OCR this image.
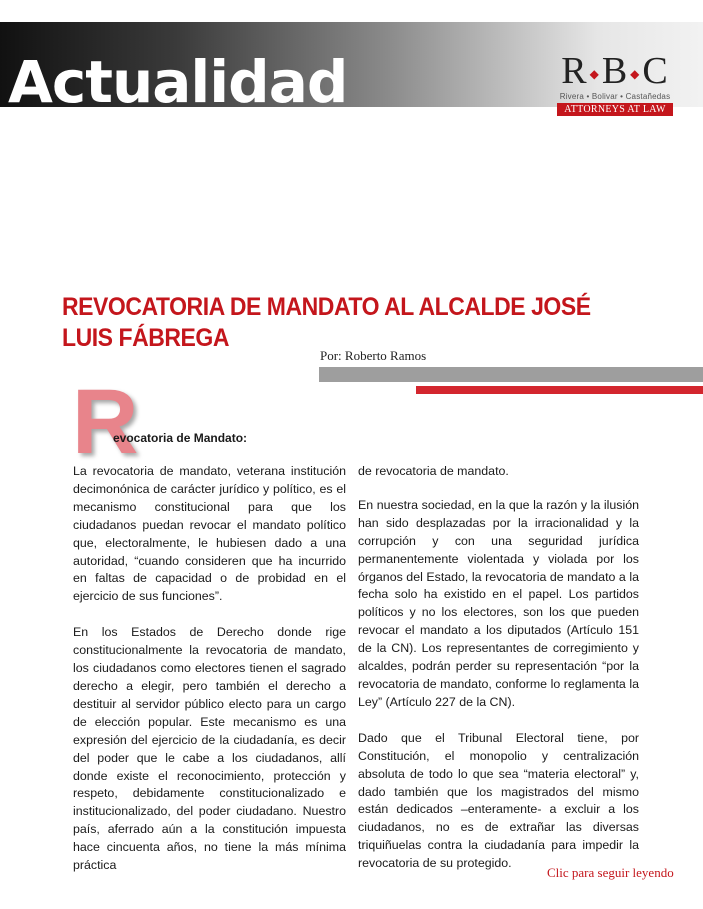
Actualidad	R ◆B ◆C
Rivera • Bolivar • Castañedas
ATTORNEYS AT LAW
REVOCATORIA DE MANDATO AL ALCALDE JOSÉ LUIS FÁBREGA
Por: Roberto Ramos
R
evocatoria de Mandato:

La revocatoria de mandato, veterana institución decimonónica de carácter jurídico y político, es el mecanismo constitucional para que los ciudadanos puedan revocar el mandato político que, electoralmente, le hubiesen dado a una autoridad, “cuando consideren que ha incurrido en faltas de capacidad o de probidad en el ejercicio de sus funciones”.

En los Estados de Derecho donde rige constitucionalmente la revocatoria de mandato, los ciudadanos como electores tienen el sagrado derecho a elegir, pero también el derecho a destituir al servidor público electo para un cargo de elección popular. Este mecanismo es una expresión del ejercicio de la ciudadanía, es decir del poder que le cabe a los ciudadanos, allí donde existe el reconocimiento, protección y respeto, debidamente constitucionalizado e institucionalizado, del poder ciudadano. Nuestro país, aferrado aún a la constitución impuesta hace cincuenta años, no tiene la más mínima práctica

de revocatoria de mandato.

En nuestra sociedad, en la que la razón y la ilusión han sido desplazadas por la irracionalidad y la corrupción y con una seguridad jurídica permanentemente violentada y violada por los órganos del Estado, la revocatoria de mandato a la fecha solo ha existido en el papel. Los partidos políticos y no los electores, son los que pueden revocar el mandato a los diputados (Artículo 151 de la CN). Los representantes de corregimiento y alcaldes, podrán perder su representación “por la revocatoria de mandato, conforme lo reglamenta la Ley” (Artículo 227 de la CN).

Dado que el Tribunal Electoral tiene, por Constitución, el monopolio y centralización absoluta de todo lo que sea “materia electoral” y, dado también que los magistrados del mismo están dedicados –enteramente- a excluir a los ciudadanos, no es de extrañar las diversas triquiñuelas contra la ciudadanía para impedir la revocatoria de su protegido.

Clic para seguir leyendo
